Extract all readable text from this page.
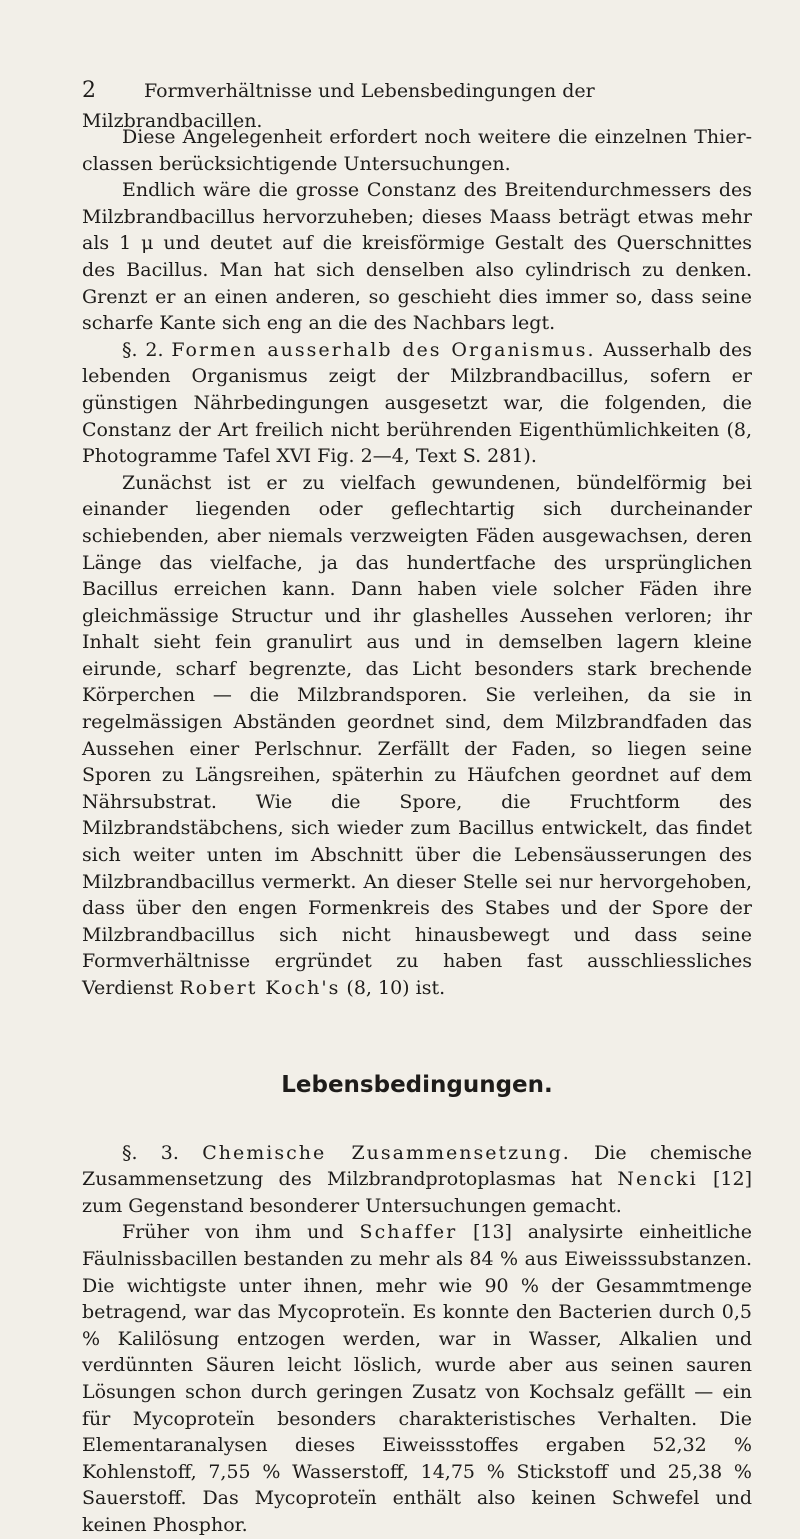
2	Formverhältnisse und Lebensbedingungen der Milzbrandbacillen.

Diese Angelegenheit erfordert noch weitere die einzelnen Thier-classen berücksichtigende Untersuchungen.

Endlich wäre die grosse Constanz des Breitendurchmessers des Milzbrandbacillus hervorzuheben; dieses Maass beträgt etwas mehr als 1 μ und deutet auf die kreisförmige Gestalt des Querschnittes des Bacillus. Man hat sich denselben also cylindrisch zu denken. Grenzt er an einen anderen, so geschieht dies immer so, dass seine scharfe Kante sich eng an die des Nachbars legt.

§. 2. Formen ausserhalb des Organismus. Ausserhalb des lebenden Organismus zeigt der Milzbrandbacillus, sofern er günstigen Nährbedingungen ausgesetzt war, die folgenden, die Constanz der Art freilich nicht berührenden Eigenthümlichkeiten (8, Photogramme Tafel XVI Fig. 2—4, Text S. 281).

Zunächst ist er zu vielfach gewundenen, bündelförmig bei einander liegenden oder geflechtartig sich durcheinander schiebenden, aber niemals verzweigten Fäden ausgewachsen, deren Länge das vielfache, ja das hundertfache des ursprünglichen Bacillus erreichen kann. Dann haben viele solcher Fäden ihre gleichmässige Structur und ihr glashelles Aussehen verloren; ihr Inhalt sieht fein granulirt aus und in demselben lagern kleine eirunde, scharf begrenzte, das Licht besonders stark brechende Körperchen — die Milzbrandsporen. Sie verleihen, da sie in regelmässigen Abständen geordnet sind, dem Milzbrandfaden das Aussehen einer Perlschnur. Zerfällt der Faden, so liegen seine Sporen zu Längsreihen, späterhin zu Häufchen geordnet auf dem Nährsubstrat. Wie die Spore, die Fruchtform des Milzbrandstäbchens, sich wieder zum Bacillus entwickelt, das findet sich weiter unten im Abschnitt über die Lebensäusserungen des Milzbrandbacillus vermerkt. An dieser Stelle sei nur hervorgehoben, dass über den engen Formenkreis des Stabes und der Spore der Milzbrandbacillus sich nicht hinausbewegt und dass seine Formverhältnisse ergründet zu haben fast ausschliessliches Verdienst Robert Koch's (8, 10) ist.

Lebensbedingungen.

§. 3. Chemische Zusammensetzung. Die chemische Zusammensetzung des Milzbrandprotoplasmas hat Nencki [12] zum Gegenstand besonderer Untersuchungen gemacht.

Früher von ihm und Schaffer [13] analysirte einheitliche Fäulnissbacillen bestanden zu mehr als 84 % aus Eiweisssubstanzen. Die wichtigste unter ihnen, mehr wie 90 % der Gesammtmenge betragend, war das Mycoproteïn. Es konnte den Bacterien durch 0,5 % Kalilösung entzogen werden, war in Wasser, Alkalien und verdünnten Säuren leicht löslich, wurde aber aus seinen sauren Lösungen schon durch geringen Zusatz von Kochsalz gefällt — ein für Mycoproteïn besonders charakteristisches Verhalten. Die Elementaranalysen dieses Eiweissstoffes ergaben 52,32 % Kohlenstoff, 7,55 % Wasserstoff, 14,75 % Stickstoff und 25,38 % Sauerstoff. Das Mycoproteïn enthält also keinen Schwefel und keinen Phosphor.
